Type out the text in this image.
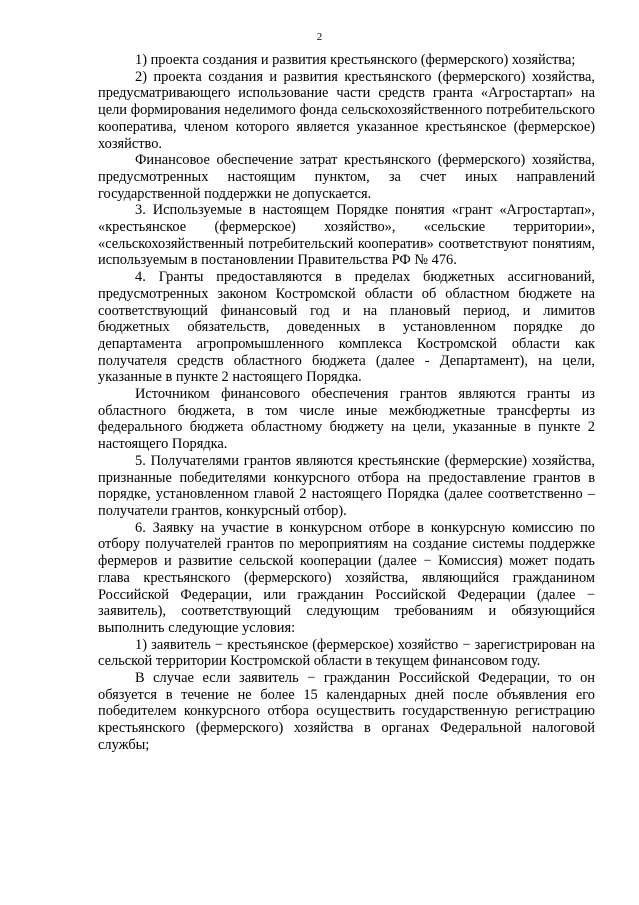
2

1) проекта создания и развития крестьянского (фермерского) хозяйства;

2) проекта создания и развития крестьянского (фермерского) хозяйства, предусматривающего использование части средств гранта «Агростартап» на цели формирования неделимого фонда сельскохозяйственного потребительского кооператива, членом которого является указанное крестьянское (фермерское) хозяйство.

Финансовое обеспечение затрат крестьянского (фермерского) хозяйства, предусмотренных настоящим пунктом, за счет иных направлений государственной поддержки не допускается.

3. Используемые в настоящем Порядке понятия «грант «Агростартап», «крестьянское (фермерское) хозяйство», «сельские территории», «сельскохозяйственный потребительский кооператив» соответствуют понятиям, используемым в постановлении Правительства РФ № 476.

4. Гранты предоставляются в пределах бюджетных ассигнований, предусмотренных законом Костромской области об областном бюджете на соответствующий финансовый год и на плановый период, и лимитов бюджетных обязательств, доведенных в установленном порядке до департамента агропромышленного комплекса Костромской области как получателя средств областного бюджета (далее - Департамент), на цели, указанные в пункте 2 настоящего Порядка.

Источником финансового обеспечения грантов являются гранты из областного бюджета, в том числе иные межбюджетные трансферты из федерального бюджета областному бюджету на цели, указанные в пункте 2 настоящего Порядка.

5. Получателями грантов являются крестьянские (фермерские) хозяйства, признанные победителями конкурсного отбора на предоставление грантов в порядке, установленном главой 2 настоящего Порядка (далее соответственно – получатели грантов, конкурсный отбор).

6. Заявку на участие в конкурсном отборе в конкурсную комиссию по отбору получателей грантов по мероприятиям на создание системы поддержке фермеров и развитие сельской кооперации (далее − Комиссия) может подать глава крестьянского (фермерского) хозяйства, являющийся гражданином Российской Федерации, или гражданин Российской Федерации (далее − заявитель), соответствующий следующим требованиям и обязующийся выполнить следующие условия:

1) заявитель − крестьянское (фермерское) хозяйство − зарегистрирован на сельской территории Костромской области в текущем финансовом году.

В случае если заявитель − гражданин Российской Федерации, то он обязуется в течение не более 15 календарных дней после объявления его победителем конкурсного отбора осуществить государственную регистрацию крестьянского (фермерского) хозяйства в органах Федеральной налоговой службы;
